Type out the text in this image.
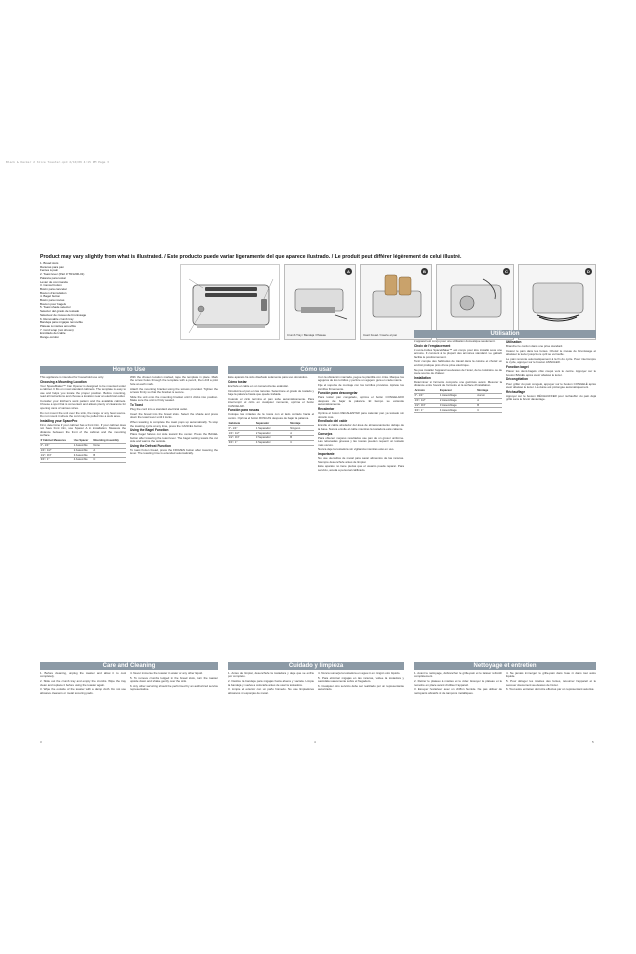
Black & Decker 2 Slice Toaster.qxd 2/10/09 4:15 PM Page 3
Product may vary slightly from what is illustrated. / Este producto puede variar ligeramente del que aparece ilustrado. / Le produit peut différer légèrement de celui illustré.
1. Bread slots
Ranuras para pan
Fentes à pain
2. Toast lever (Part # TR1200-01)
Palanca para tostar
Levier de commande
3. Cancel button
Botón para cancelar
Bouton d'annulation
4. Bagel button
Botón para roscas
Bouton pour bagels
5. Toast shade selector
Selector del grado de tostado
Sélecteur de niveau de brunissage
6. Removable crumb tray
Bandeja para migajas removible
Plateau à miettes amovible
7. Cord wrap (not shown)
Enrollado del cable
Range-cordon
A
Crumb Tray / Bandeja / Plateau
B
Insert bread / Inserte el pan
C	D
How to Use	Cómo usar
Utilisation

This appliance is intended for household use only.

Choosing a Mounting Location

Your SpaceMaker™ Can Opener is designed to be mounted under a cabinet. It fits on most standard cabinets. The template is easy to use and helps you locate the proper position. Before mounting, read all instructions and choose a location near an electrical outlet.

Consider your kitchen's work pattern and the available cabinets. Choose a spot that is convenient and allows plenty of clearance for opening cans of various sizes.

Do not mount the unit over the sink, the range or any heat source. Do not mount it where the cord may be pulled into a work area.

Installing your SpacePro

First, determine if your cabinet has a front trim. If your cabinet does not have front trim, use Spacer A in installation. Measure the distance between the front of the cabinet and the mounting surface.

If Cabinet Measures	Use Spacer	Mounting Assembly
0"- 1/4"	1 Assemble	None
1/4"- 1/2"	2 Assemble	A
1/2"- 3/4"	3 Assemble	B
3/4"- 1"	4 Assemble	C

With the chosen location marked, tape the template in place. Mark the screw holes through the template with a pencil, then drill a pilot hole at each mark.

Attach the mounting bracket using the screws provided. Tighten the screws firmly so that the bracket is secure.

Slide the unit onto the mounting bracket until it clicks into position. Make sure the unit is firmly seated.

To Toast

Plug the cord into a standard electrical outlet.

Insert the bread into the bread slots. Select the shade and press down the toast lever until it locks.

When toasting is complete the toast pops up automatically. To stop the toasting cycle at any time, press the CANCEL button.

Using the Bagel Function

Place bagel halves cut side toward the center. Press the BAGEL button after lowering the toast lever. The bagel setting toasts the cut side and warms the outside.

Using the Defrost Function

To toast frozen bread, press the FROZEN button after lowering the lever. The toasting time is extended automatically.

Este aparato ha sido diseñado solamente para uso doméstico.

Cómo tostar

Enchufe el cable en un tomacorriente estándar.

Introduzca el pan en las ranuras. Seleccione el grado de tostado y baje la palanca hasta que quede trabada.

Cuando el ciclo termina el pan sube automáticamente. Para interrumpir el ciclo en cualquier momento, oprima el botón CANCELAR.

Función para roscas

Coloque las mitades de la rosca con el lado cortado hacia el centro. Oprima el botón ROSCAS después de bajar la palanca.

Gabinete	Separador	Montaje
0"- 1/4"	1 Separador	Ninguno
1/4"- 1/2"	2 Separador	A
1/2"- 3/4"	3 Separador	B
3/4"- 1"	4 Separador	C

Con la ubicación marcada, pegue la plantilla con cinta. Marque los agujeros de los tornillos y perfore un agujero guía en cada marca.

Fije el soporte de montaje con los tornillos provistos. Apriete los tornillos firmemente.

Función para descongelar

Para tostar pan congelado, oprima el botón CONGELADO después de bajar la palanca. El tiempo se extiende automáticamente.

Recalentar

Oprima el botón RECALENTAR para calentar pan ya tostado sin dorarlo más.

Enrollado del cable

Enrolle el cable alrededor del área de almacenamiento debajo de la base. Nunca enrolle el cable mientras la tostadora esté caliente.

Consejos

Para obtener mejores resultados use pan de un grosor uniforme. Las rebanadas gruesas y las roscas pueden requerir un tostado más oscuro.

Nunca deje la tostadora sin vigilancia mientras esté en uso.

Importante

No use utensilios de metal para sacar alimentos de las ranuras. Siempre desenchufe antes de limpiar.

Este aparato no tiene piezas que el usuario pueda reparar. Para servicio, acuda a personal calificado.

L'appareil est conçu pour une utilisation domestique seulement.

Choix de l'emplacement

L'ouvre-boîtes SpaceMaker™ est conçu pour être installé sous une armoire. Il convient à la plupart des armoires standard. Le gabarit facilite le positionnement.

Tenir compte des habitudes de travail dans la cuisine et choisir un endroit pratique près d'une prise électrique.

Ne pas installer l'appareil au-dessus de l'évier, de la cuisinière ou de toute source de chaleur.

Installation

Déterminer si l'armoire comporte une garniture avant. Mesurer la distance entre l'avant de l'armoire et la surface d'installation.

Armoire	Espaceur	Montage
0"- 1/4"	1 Assemblage	Aucun
1/4"- 1/2"	2 Assemblage	A
1/2"- 3/4"	3 Assemblage	B
3/4"- 1"	4 Assemblage	C
Utilisation

Brancher le cordon dans une prise standard.

Insérer le pain dans les fentes. Choisir le niveau de brunissage et abaisser le levier jusqu'à ce qu'il se verrouille.

Le pain remonte automatiquement à la fin du cycle. Pour interrompre le cycle, appuyer sur le bouton ANNULER.

Fonction bagel

Placer les demi-bagels côté coupé vers le centre. Appuyer sur le bouton BAGEL après avoir abaissé le levier.

Décongélation

Pour griller du pain congelé, appuyer sur le bouton CONGELÉ après avoir abaissé le levier. La durée est prolongée automatiquement.

Réchauffage

Appuyer sur le bouton RÉCHAUFFER pour réchauffer du pain déjà grillé sans le brunir davantage.

Care and Cleaning	Cuidado y limpieza	Nettoyage et entretien

1. Before cleaning, unplug the toaster and allow it to cool completely.

2. Slide out the crumb tray and empty the crumbs. Wipe the tray clean and replace it before using the toaster again.

3. Wipe the outside of the toaster with a damp cloth. Do not use abrasive cleaners or metal scouring pads.

4. Never immerse the toaster in water or any other liquid.

5. To remove crumbs lodged in the bread slots, turn the toaster upside down and shake gently over the sink.

6. Any other servicing should be performed by an authorized service representative.

1. Antes de limpiar, desenchufe la tostadora y deje que se enfríe por completo.

2. Deslice la bandeja para migajas hacia afuera y vacíela. Limpie la bandeja y vuelva a colocarla antes de usar la tostadora.

3. Limpie el exterior con un paño húmedo. No use limpiadores abrasivos ni esponjas de metal.

4. Nunca sumerja la tostadora en agua ni en ningún otro líquido.

5. Para eliminar migajas en las ranuras, voltee la tostadora y sacúdala suavemente sobre el fregadero.

6. Cualquier otro servicio debe ser realizado por un representante autorizado.

1. Avant le nettoyage, débrancher le grille-pain et le laisser refroidir complètement.

2. Retirer le plateau à miettes et le vider. Essuyer le plateau et le remettre en place avant d'utiliser l'appareil.

3. Essuyer l'extérieur avec un chiffon humide. Ne pas utiliser de nettoyants abrasifs ni de tampons métalliques.

4. Ne jamais immerger le grille-pain dans l'eau ni dans tout autre liquide.

5. Pour déloger les miettes des fentes, retourner l'appareil et le secouer doucement au-dessus de l'évier.

6. Tout autre entretien doit être effectué par un représentant autorisé.

3	4	5
